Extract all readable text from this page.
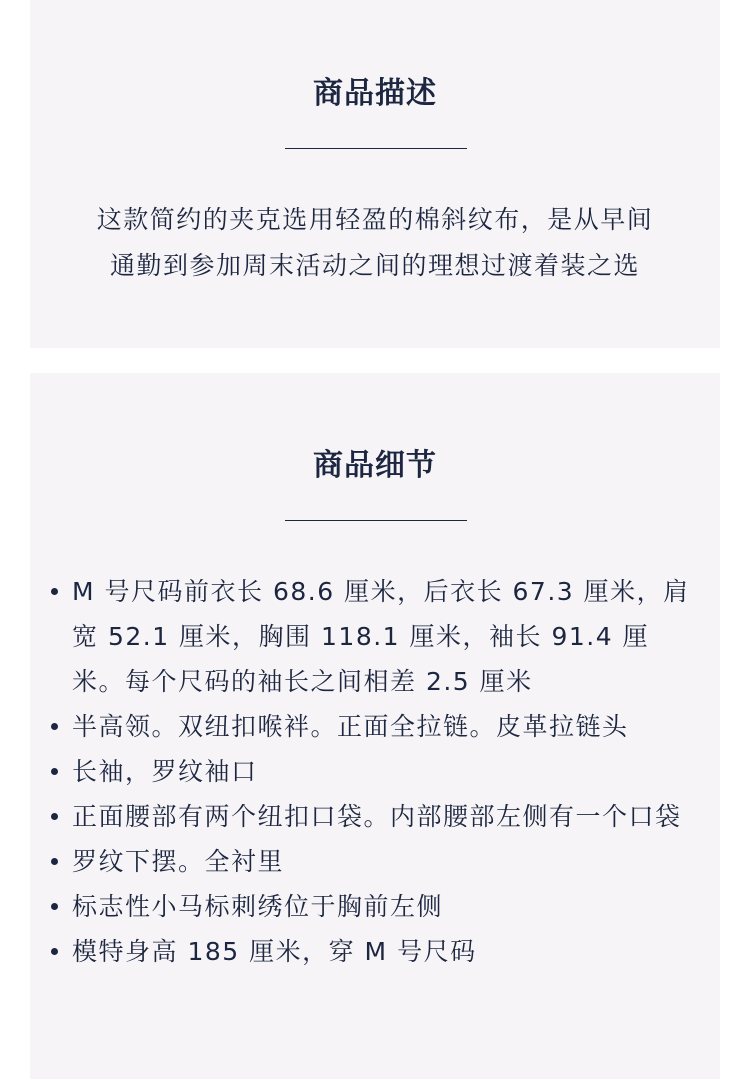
商品描述

这款简约的夹克选用轻盈的棉斜纹布，是从早间
通勤到参加周末活动之间的理想过渡着装之选

商品细节
M 号尺码前衣长 68.6 厘米，后衣长 67.3 厘米，肩宽 52.1 厘米，胸围 118.1 厘米，袖长 91.4 厘米。每个尺码的袖长之间相差 2.5 厘米
半高领。双纽扣喉袢。正面全拉链。皮革拉链头
长袖，罗纹袖口
正面腰部有两个纽扣口袋。内部腰部左侧有一个口袋
罗纹下摆。全衬里
标志性小马标刺绣位于胸前左侧
模特身高 185 厘米，穿 M 号尺码
